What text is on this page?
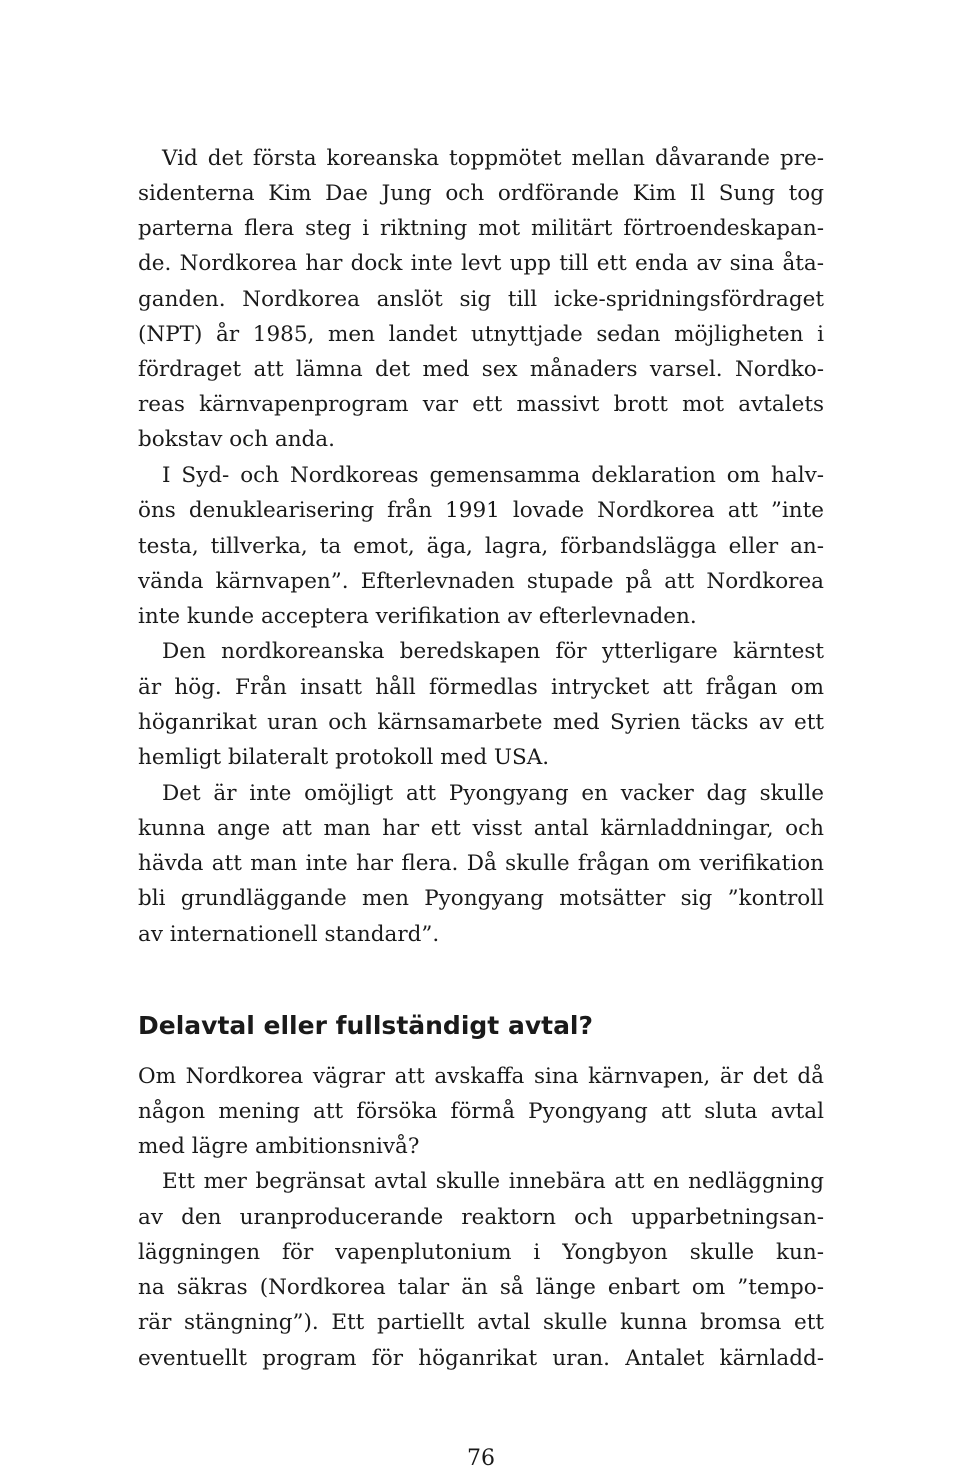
Vid det första koreanska toppmötet mellan dåvarande pre-
sidenterna Kim Dae Jung och ordförande Kim Il Sung tog
parterna flera steg i riktning mot militärt förtroendeskapan-
de. Nordkorea har dock inte levt upp till ett enda av sina åta-
ganden. Nordkorea anslöt sig till icke-spridningsfördraget
(NPT) år 1985, men landet utnyttjade sedan möjligheten i
fördraget att lämna det med sex månaders varsel. Nordko-
reas kärnvapenprogram var ett massivt brott mot avtalets
bokstav och anda.
I Syd- och Nordkoreas gemensamma deklaration om halv-
öns denuklearisering från 1991 lovade Nordkorea att ”inte
testa, tillverka, ta emot, äga, lagra, förbandslägga eller an-
vända kärnvapen”. Efterlevnaden stupade på att Nordkorea
inte kunde acceptera verifikation av efterlevnaden.
Den nordkoreanska beredskapen för ytterligare kärntest
är hög. Från insatt håll förmedlas intrycket att frågan om
höganrikat uran och kärnsamarbete med Syrien täcks av ett
hemligt bilateralt protokoll med USA.
Det är inte omöjligt att Pyongyang en vacker dag skulle
kunna ange att man har ett visst antal kärnladdningar, och
hävda att man inte har flera. Då skulle frågan om verifikation
bli grundläggande men Pyongyang motsätter sig ”kontroll
av internationell standard”.
Delavtal eller fullständigt avtal?
Om Nordkorea vägrar att avskaffa sina kärnvapen, är det då
någon mening att försöka förmå Pyongyang att sluta avtal
med lägre ambitionsnivå?
Ett mer begränsat avtal skulle innebära att en nedläggning
av den uranproducerande reaktorn och upparbetningsan-
läggningen för vapenplutonium i Yongbyon skulle kun-
na säkras (Nordkorea talar än så länge enbart om ”tempo-
rär stängning”). Ett partiellt avtal skulle kunna bromsa ett
eventuellt program för höganrikat uran. Antalet kärnladd-
76
